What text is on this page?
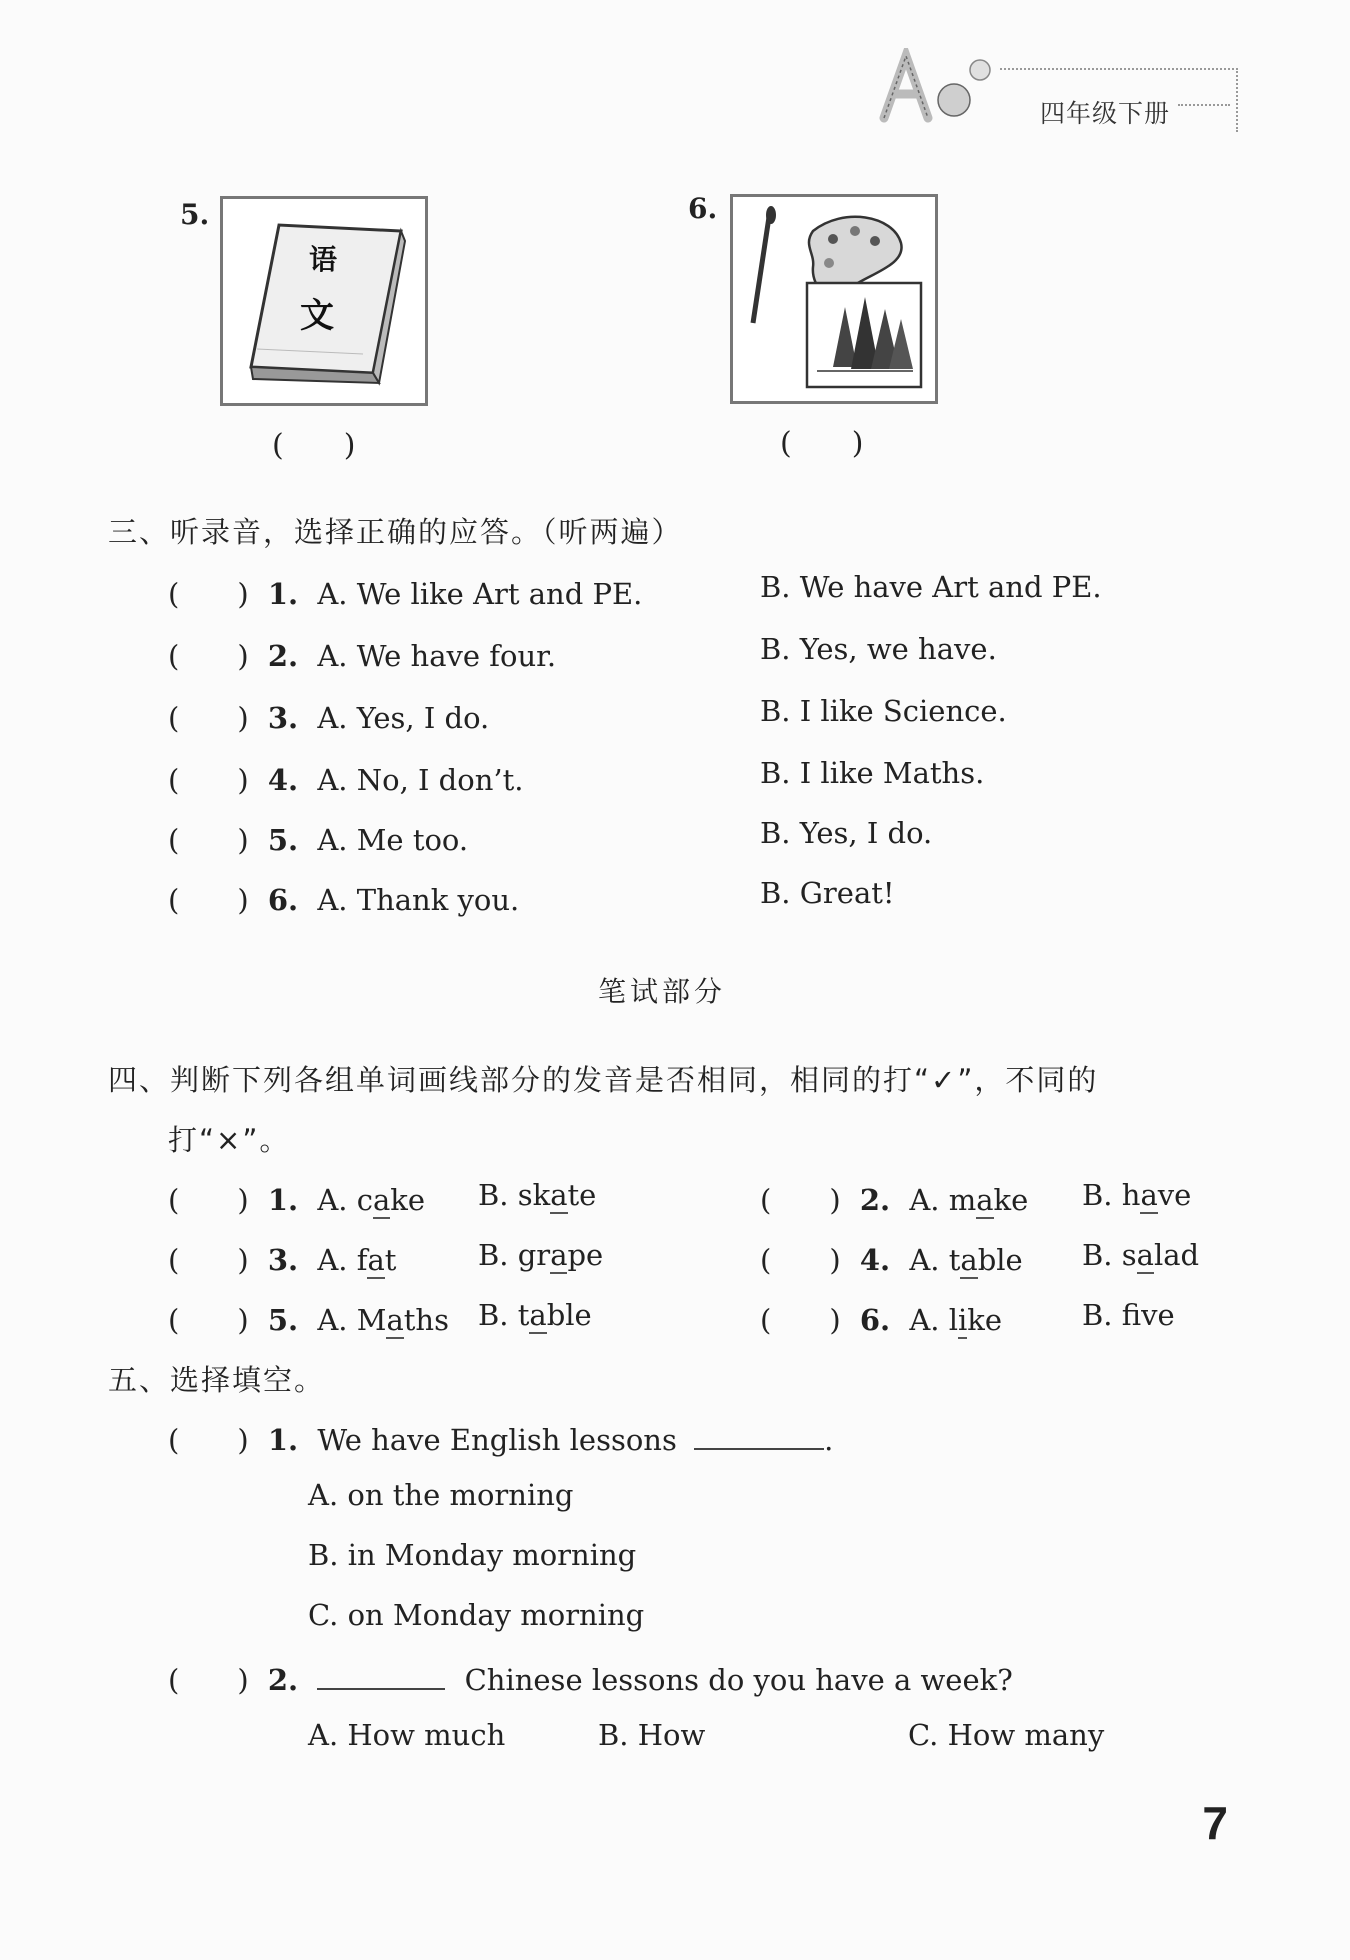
四年级下册
5.
语
文
(　　)
6.
(　　)
三、听录音，选择正确的应答。（听两遍）
(　　) 1. A. We like Art and PE.	B. We have Art and PE.
(　　) 2. A. We have four.	B. Yes, we have.
(　　) 3. A. Yes, I do.	B. I like Science.
(　　) 4. A. No, I don’t.	B. I like Maths.
(　　) 5. A. Me too.	B. Yes, I do.
(　　) 6. A. Thank you.	B. Great!
笔试部分
四、判断下列各组单词画线部分的发音是否相同，相同的打“✓”，不同的
打“×”。
(　　) 1. A. cake B. skate	(　　) 2. A. make B. have
(　　) 3. A. fat	B. grape	(　　) 4. A. table B. salad
(　　) 5. A. Maths B. table	(　　) 6. A. like	B. fve
五、选择填空。
(　　) 1. We have English lessons	.
A. on the morning
B. in Monday morning
C. on Monday morning
(　　) 2.	Chinese lessons do you have a week?
A. How much	B. How	C. How many
7
